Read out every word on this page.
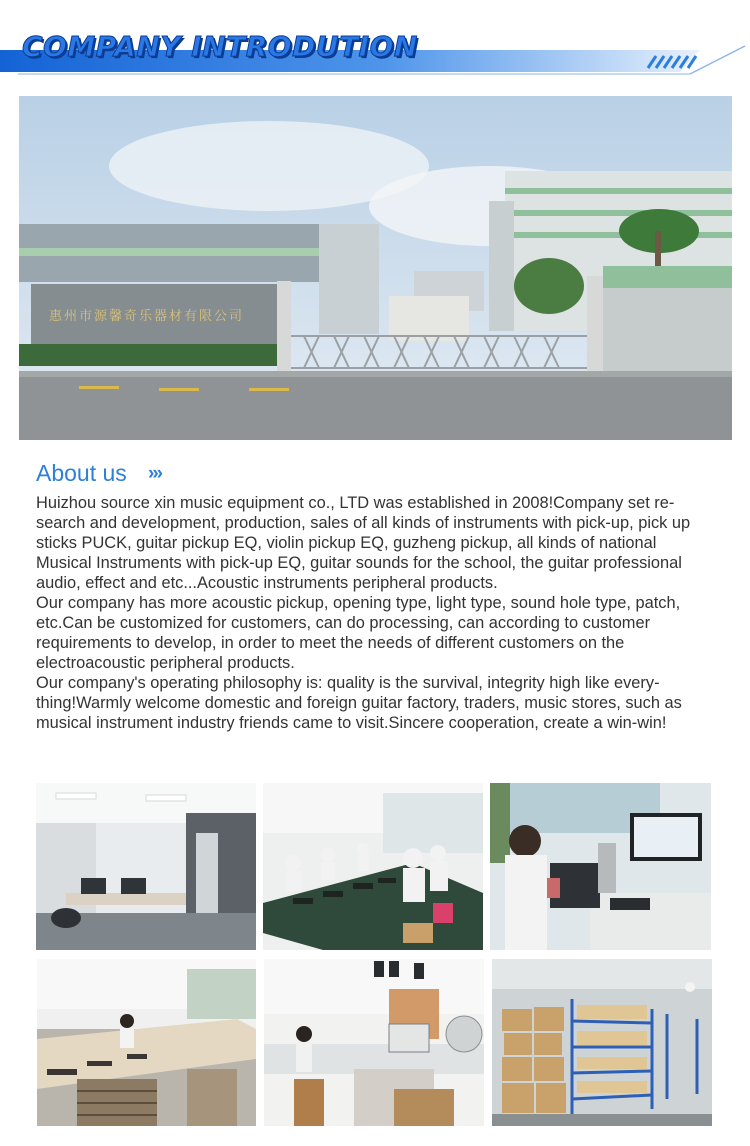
COMPANY INTRODUTION
惠州市源馨奇乐器材有限公司
About us ›››

Huizhou source xin music equipment co., LTD was established in 2008!Company set research and development, production, sales of all kinds of instruments with pick-up, pick up sticks PUCK, guitar pickup EQ, violin pickup EQ, guzheng pickup, all kinds of national Musical Instruments with pick-up EQ, guitar sounds for the school, the guitar professional audio, effect and etc...Acoustic instruments peripheral products.

Our company has more acoustic pickup, opening type, light type, sound hole type, patch, etc.Can be customized for customers, can do processing, can according to customer requirements to develop, in order to meet the needs of different customers on the electroacoustic peripheral products.

Our company's operating philosophy is: quality is the survival, integrity high like everything!Warmly welcome domestic and foreign guitar factory, traders, music stores, such as musical instrument industry friends came to visit.Sincere cooperation, create a win-win!
